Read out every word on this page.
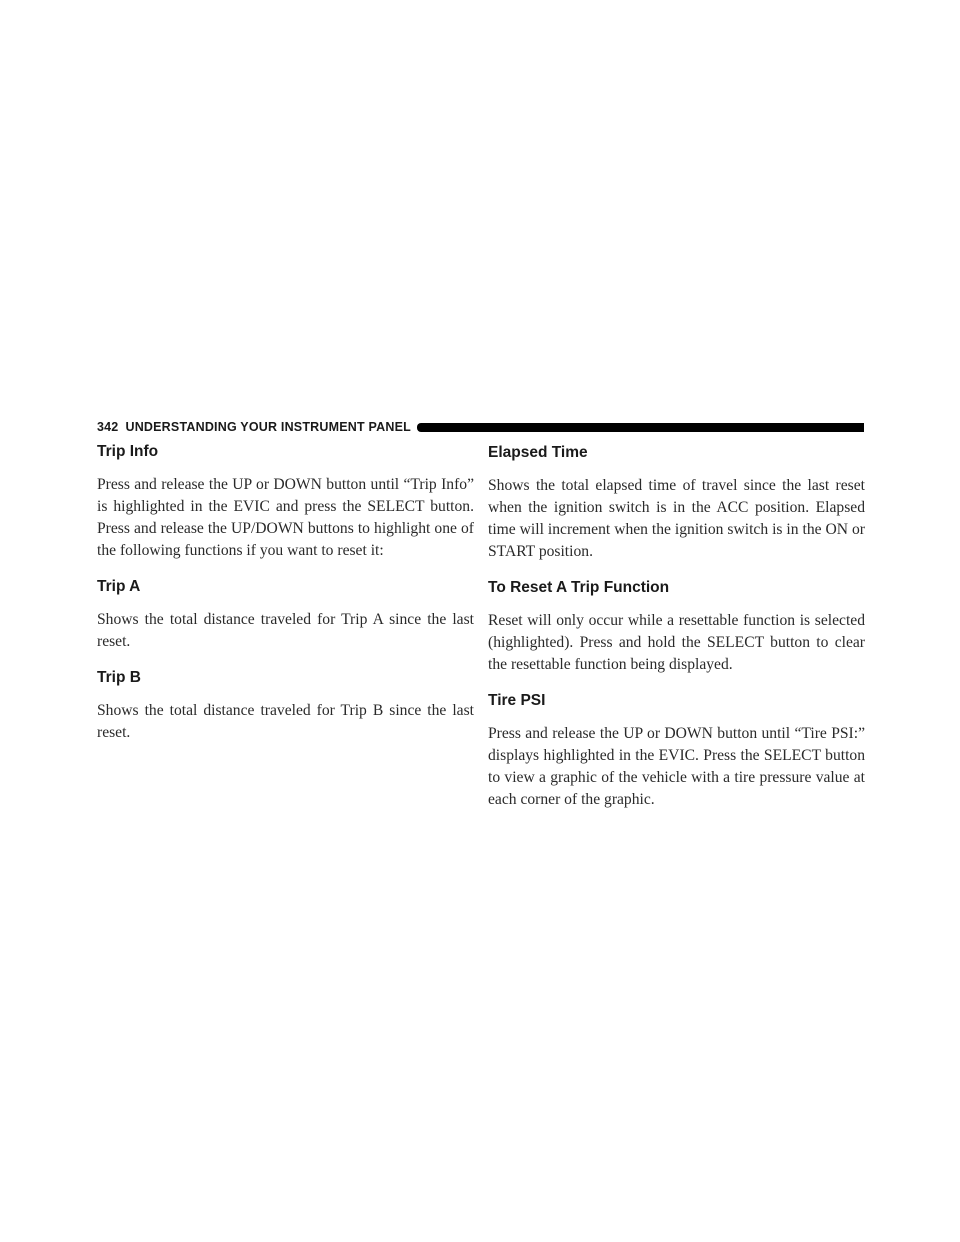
342 UNDERSTANDING YOUR INSTRUMENT PANEL
Trip Info

Press and release the UP or DOWN button until “Trip Info” is highlighted in the EVIC and press the SELECT button. Press and release the UP/DOWN buttons to highlight one of the following functions if you want to reset it:

Trip A

Shows the total distance traveled for Trip A since the last reset.

Trip B

Shows the total distance traveled for Trip B since the last reset.

Elapsed Time

Shows the total elapsed time of travel since the last reset when the ignition switch is in the ACC position. Elapsed time will increment when the ignition switch is in the ON or START position.

To Reset A Trip Function

Reset will only occur while a resettable function is selected (highlighted). Press and hold the SELECT button to clear the resettable function being displayed.

Tire PSI

Press and release the UP or DOWN button until “Tire PSI:” displays highlighted in the EVIC. Press the SELECT button to view a graphic of the vehicle with a tire pressure value at each corner of the graphic.
